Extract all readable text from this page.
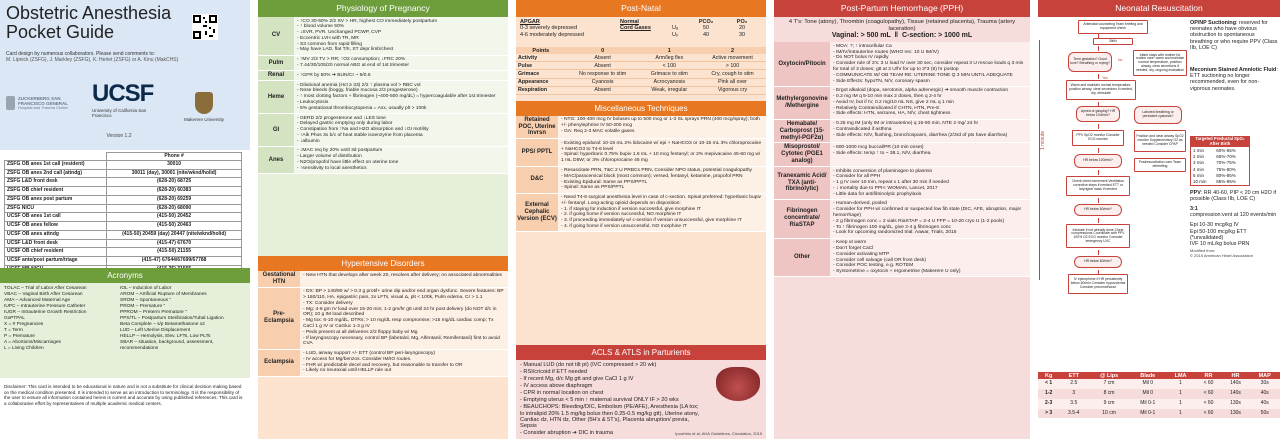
Obstetric Anesthesia
Pocket Guide
Card design by numerous collaborators. Please send comments to:
M. Lipnick (ZSFG), J. Markley (ZSFG), K. Herlet (ZSFG) or A. Kinu (MakCHS)
ZUCKERBERG SAN FRANCISCO GENERAL
Hospital and Trauma Center
UCSF
University of California San Francisco
Makerere University
Version 1.2
	Phone #
ZSFG OB anes 1st call (resident)	30010
ZSFG OB anes 2nd call (attndg)	30011 (day), 30001 (nite/wknd/holid)
ZSFG L&D front desk	(628-20) 68725
ZSFG OB chief resident	(628-20) 60383
ZSFG OB anes post partum	(628-20) 69259
ZSFG NICU	(628-20) 68090
UCSF OB anes 1st call	(415-50) 20452
UCSF OB anes fellow	(415-50) 20463
UCSF OB anes attndg	(415-50) 20459 (day) 20447 (nite/wknd/holid)
UCSF L&D front desk	(415-47) 67670
UCSF OB chief resident	(415-50) 21155
UCSF ante/post partum/triage	(415-47) 67644/67699/67788

Acronyms
TOLAC – Trial of Labor After Cesarean
VBAC – Vaginal Birth After Cesarean
AMA – Advanced Maternal Age
IUPC – Intrauterine Pressure Catheter
IUGR – Intrauterine Growth Restriction
GxPTPAL
X = # Pregnancies
T = Term
P = Premature
A = Abortions/Miscarriages
L = Living Children
IOL – Induction of Labor
AROM – Artificial Rupture of Membranes
SROM – Spontaneous "
PROM – Premature "
PPROM – Preterm Premature "
PPS/TL – Postpartum Sterilization/Tubal Ligation
Beta Complete – s/p Betamethasone x2
LUD – Left Uterine Displacement
HELLP – Hemolysis, Elev. LFTs, Low PLTs
SBAR – situation, background, assessment, recommendations
Disclaimer: This card is intended to be educational in nature and is not a substitute for clinical decision making based on the medical condition presented. It is intended to serve as an introduction to terminology. It is the responsibility of the user to ensure all information contained herein is current and accurate by using published references. This card is a collaborative effort by representatives of multiple academic medical centers.
Physiology of Pregnancy
CV
- ↑CO 30-50% 2/2 SV > HR, highest CO immediately postpartum
- ↑ blood volume 50%
- ↓SVR, PVR. Unchanged PCWP, CVP
- Eccentric LVH with TR, MR
- S3 common from rapid filling
- May have LAD, flat T/II, ST depr limb/chest
Pulm	- ↑MV 2/2 TV > RR; ↑O2 consumption; ↓FRC 20%
- 7.44/30/105/20 normal ABG at end of 1st trimester
Renal	- ↑GFR by 50% ➔ BUN/Cr ~ 9/0.6
Heme
- Dilutional anemia (Hct ≥ 33) 2/2 ↑ plasma vol > RBC vol
- Nose bleeds (boggy, friable mucosa 2/2 progesterone)
- ↑ most clotting factors + fibrinogen (~400-500 mg/dL) = hypercoagulable after 1st trimester
- Leukocytosis
- 5% gestational thrombocytopenia = Asx, usually plt > 100k
GI
- GERD 2/2 progesterone and ↓LES tone
- Delayed gastric emptying only during labor
- Constipation from ↑Na and H2O absorption and ↓GI motility
- ↑Alk Phos 3x b/c of heat stable isoenzyme from placenta
- ↓albumin
Anes
- ↓MAC req by 20% until 3d postpartum
- Larger volume of distribution
- N2O/propofol have little effect on uterine tone
- ↑sensitivity to local anesthetics
Hypertensive Disorders
Gestational HTN
- New HTN that develops after week 20, resolves after delivery; no associated abnormalities
Pre-Eclampsia
- DX: BP > 140/90 w/ > 0.3 g prot/l+ urine dip and/or end organ dysfunc. Severe features: BP > 160/110, HA, epigastric pain, 2x LFTs, visual Δ, plt < 100k, Pulm edema, Cr > 1.1
- TX: Consider delivery
- Mg: 4-6 gm IV load over 15-20 min; 1-2 gm/hr gtt until 24 hr post delivery (do NOT d/c in OR); 10 g IM load described
- Mg tox: 6-10 mg/dL, DTRs; > 10 mg/dL resp compromise; >15 mg/dL cardiac comp; Tx CaCl 1 g IV or CaGluc 1-3 g IV
- Peds present at all deliveries 2/2 floppy baby w/ Mg
- If laryngoscopy necessary, control BP (labetalol, Mg, Alfentanil, Remifentanil) first to avoid CVA
Eclampsia
- LUD, airway support +/- ETT (control BP peri-laryngoscopy)
- IV access for Mg/benzos. Consider IM/IO routes.
- FHR w/ predictable decel and recovery, but reasonable to transfer to OR
- Likely no neuraxial until HELLP rule out
Post-Natal
APGAR
0-3 severely depressed
4-6 moderately depressed
Normal	PCO₂	PO₂
Cord Gases	Uₐ	50	20
Uᵥ	40	30
Points	0	1	2
Activity	Absent	Arm/leg flex	Active movement
Pulse	Absent	< 100	> 100
Grimace	No response to stim	Grimace to stim	Cry, cough to stim
Appearance	Cyanosis	Acrocyanosis	Pink all over
Respiration	Absent	Weak, irregular	Vigorous cry
Miscellaneous Techniques
Retained POC, Uterine Invrsn
- NTG: 100-400 mcg IV boluses up to 500 mcg or 1-3 SL sprays PRN (400 mcg/spray); both +/- phenylephrine IV 50-200 mcg
- GA: Req 2-3 MAC volatile gases
PPS/ PPTL
- Existing epidural: 10-15 mL 2% lidocaine w/ epi + NaHCO3 or 10-15 mL 3% chloroprocaine + NaHCO3 to T4-6 level
- Spinal: hyperbaric 0.75% bupiv 1.6 mL + 10 mcg fentanyl; or 2% mepivacaine 45-60 mg w/ 1 mL D5W; or 3% chloroprocaine 45 mg
D&C
- Resuscitate PRN, T&C 2 U PRBCs PRN, Consider NPO status, potential coagulopathy
- MAC/paracervical block (most common); versed, fentanyl, ketamine, propofol PRN
- Existing Epidural: Same as PPS/PPTL
- Spinal: Same as PPS/PPTL
External Cephalic Version (ECV)
- Need T4-6 surgical anesthesia level in case of c-section. Spinal preferred: hyperbaric bupiv +/- fentanyl. Long-acting opioid depends on disposition:
- 1. if staying for induction if version successful, give morphine IT
- 2. if going home if version successful, NO morphine IT
- 3. if proceeding immediately w/ c-section if version unsuccessful, give morphine IT
- 4. if going home if version unsuccessful, NO morphine IT
ACLS & ATLS in Parturients
- Manual LUD (do not tilt pt) (IVC compressed > 20 wk)
- RSI/cricoid if ETT needed
- If recent Mg, d/c Mg gtt and give CaCl 1 g IV
- IV access above diaphragm
- CPR in normal location on chest
- Emptying uterus < 5 min ↑ maternal survival ONLY IF > 20 wks
- BEAUCHOPS: Bleeding/DIC, Embolism (PE/AFE), Anesthesia (LA tox; lo intralipid 20% 1.5 mg/kg bolus then 0.25-0.5 mg/kg gtt), Uterine atony, Cardiac dz, HTN dz, Other (5H's & 5T's), Placenta abruption/ previa, Sepsis
- Consider abruption ➔ DIC in trauma	Ipcwhhio et al, AHA Guidelines, Circulation, 2015
Post-Partum Hemorrhage (PPH)
4 T's: Tone (atony), Thrombin (coagulopathy), Tissue (retained placenta), Trauma (artery laceration)
Vaginal: > 500 mL  ‖  C-section: > 1000 mL
Oxytocin/Pitocin
- MOA: ?; ↑ intracellular Ca
- IM/IV/intrauterine routes (WHO rec: 10 U IM/IV)
- Do NOT bolus IV rapidly
- Consider rule of 3's: 3 U load IV over 30 sec, consider repeat 3 U rescue loads q 3 min for total of 3 doses; gtt at 3 U/hr for up to 3*3 (9) hr postop
- COMMUNICATE W/ OB TEAM RE: UTERINE TONE Q 3 MIN UNTIL ADEQUATE
- Side Effects: hypoTN, N/V, coronary spasm
Methylergonovine /Methergine
- Ergot alkaloid (dopa, serotonin, alpha adrenergic) ➔ smooth muscle contraction
- 0.2 mg IM q 5-10 min max 2 doses, then q 2-4 hr
- Avoid IV, but if IV, 0.2 mg/10 mL NS, give 2 mL q 1 min
- Relatively Contraindicated if CHTN, HTN, Pre-E
- Side effects: HTN, seizures, HA, N/V, chest tightness
Hemabate/ Carboprost (15-methyl-PGF2α)
- 0.25 mg IM (only IM or intrauterine) q 15-90 min, NTE 2 mg/ 24 hr
- Contraindicated if asthma
- Side effects: N/V, flushing, bronchospasm, diarrhea (2/3rd of pts have diarrhea)
Misoprostol/ Cytotec (PGE1 analog)
- 600-1000 mcg buccal/PR (10 min onset)
- Side effects: temp ↑ to ~ 38.1, N/V, diarrhea
Tranexamic Acid/ TXA (anti-fibrinolytic)
- Inhibits conversion of plaminogen to plasmin
- Consider for all PPH
- 1 g IV over 10 min, repeat x 1 after 30 min if needed
- ↓ mortality due to PPH: WOMAN, Lancet, 2017
- Little data for antifibrinolytic prophylaxis
Fibrinogen concentrate/ RiaSTAP
- Human-derived, pooled
- Consider for PPH w/ confirmed or suspected low fib state (DIC, AFE, abruption, major hemorrhage)
- 2 g fibrinogen conc = 2 vials RiaSTAP = 2-4 U FFP = 10-20 cryo U (1-2 pools)
- To ↑ fibrinogen 100 mg/dL, give 2-4 g fibrinogen conc
- Look for upcoming randomized trial: Aawar, Trials, 2015
Other
- Keep ut warm
- Don't forget CaCl
- Consider activating MTP
- Consider cell salvage (call OR front desk)
- Consider POC testing, e.g. ROTEM
- Syntometrine = oxytocin + ergometrine (Makerere U only)
Neonatal Resuscitation
1 minute
Antenatal counseling Team briefing and equipment check
Birth
Term gestation? Good tone? Breathing or crying?
Infant stays with mother for routine care: warm and maintain normal temperature, position airway, clear secretions if needed, dry, ongoing evaluation
Warm and maintain normal temperature, position airway, clear secretions if needed, dry, stimulate
Apnea or gasping? HR below 100/min?
Labored breathing or persistent cyanosis?
PPV SpO2 monitor Consider ECG monitor
Position and clear airway SpO2 monitor Supplementary O2 as needed Consider CPAP
HR below 100/min?
Postresuscitation care Team debriefing
Check chest movement Ventilation corrective steps if needed ETT or laryngeal mask if needed
HR below 60/min?
Intubate if not already done Chest compressions Coordinate with PPV 100% O2 ECG monitor Consider emergency UVC
HR below 60/min?
IV epinephrine If HR persistently below 60/min Consider hypovolemia Consider pneumothorax
Yes
No
OP/NP Suctioning: reserved for neonates who have obvious obstruction to spontaneous breathing or who require PPV (Class IIb, LOE C)
Meconium Stained Amniotic Fluid: ETT suctioning no longer recommended, even for non-vigorous neonates.
Targeted Preductal SpO₂ After Birth	
1 min	60%-65%
2 min	65%-70%
3 min	70%-75%
4 min	75%-80%
5 min	80%-85%
10 min	85%-95%
PPV: RR 40-60, PIP < 20 cm H2O if possible (Class IIb, LOE C)
3:1
compression:vent at 120 events/min
Epi 10-30 mcg/kg IV
Epi 50-100 mcg/kg ETT (*unvalidated)
IVF 10 mL/kg bolus PRN
Modified from:
© 2015 American Heart Association
Kg	ETT	@ Lips	Blade	LMA	RR	HR	MAP
< 1	2.5	7 cm	Mil 0	1	< 60	140s	30s
1-2	3	8 cm	Mil 0	1	< 60	140s	40s
2-3	3.5	9 cm	Mil 0-1	1	< 60	130s	40s
> 3	3.5-4	10 cm	Mil 0-1	1	< 60	130s	50s
